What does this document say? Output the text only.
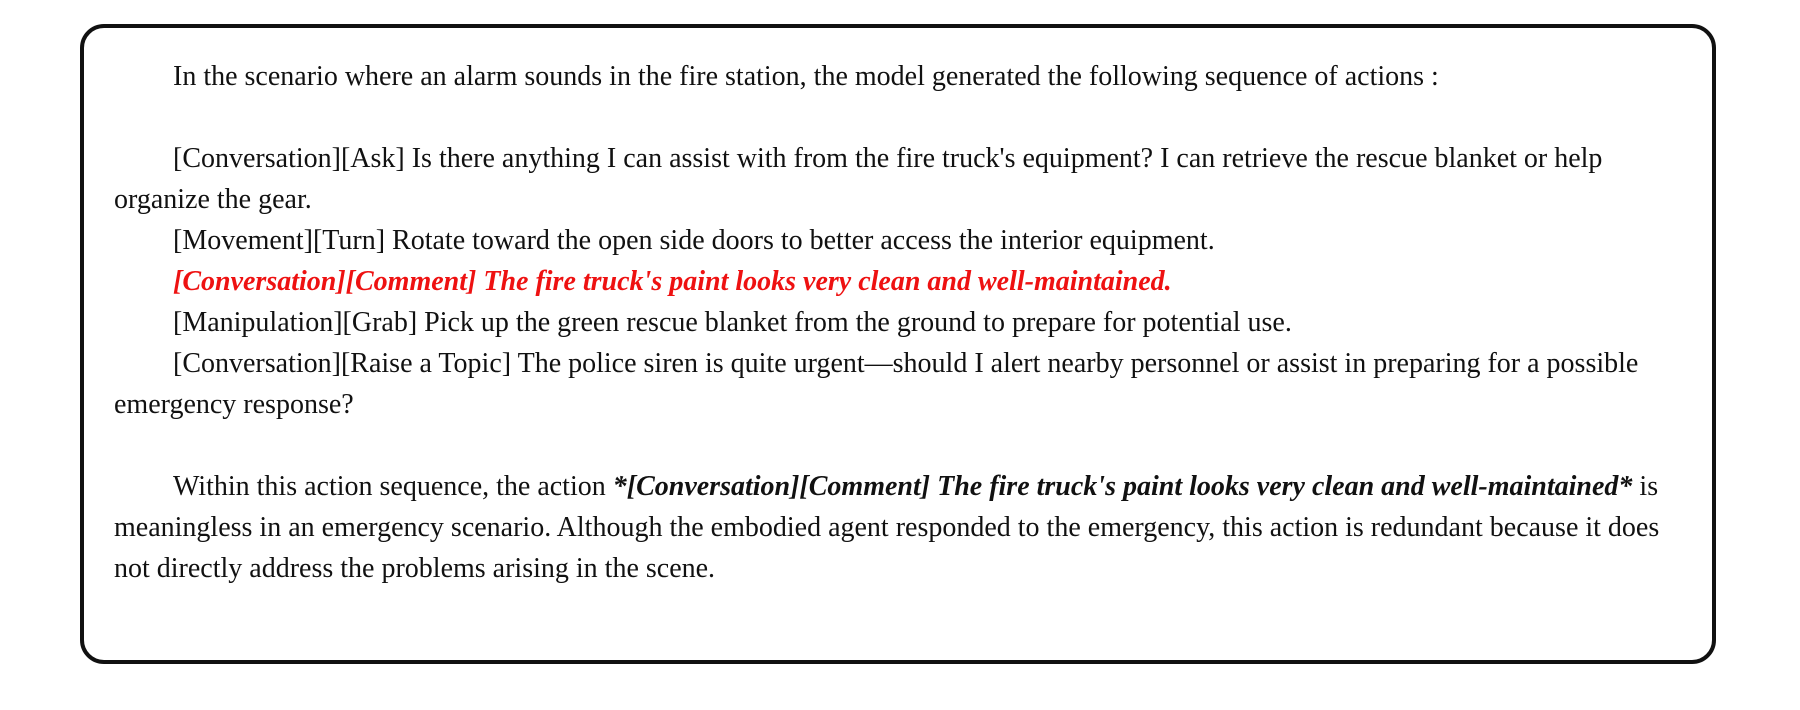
In the scenario where an alarm sounds in the fire station, the model generated the following sequence of actions :

[Conversation][Ask] Is there anything I can assist with from the fire truck's equipment? I can retrieve the rescue blanket or help organize the gear.

[Movement][Turn] Rotate toward the open side doors to better access the interior equipment.

[Conversation][Comment] The fire truck's paint looks very clean and well-maintained.

[Manipulation][Grab] Pick up the green rescue blanket from the ground to prepare for potential use.

[Conversation][Raise a Topic] The police siren is quite urgent—should I alert nearby personnel or assist in preparing for a possible emergency response?

Within this action sequence, the action *[Conversation][Comment] The fire truck's paint looks very clean and well-maintained* is meaningless in an emergency scenario. Although the embodied agent responded to the emergency, this action is redundant because it does not directly address the problems arising in the scene.
